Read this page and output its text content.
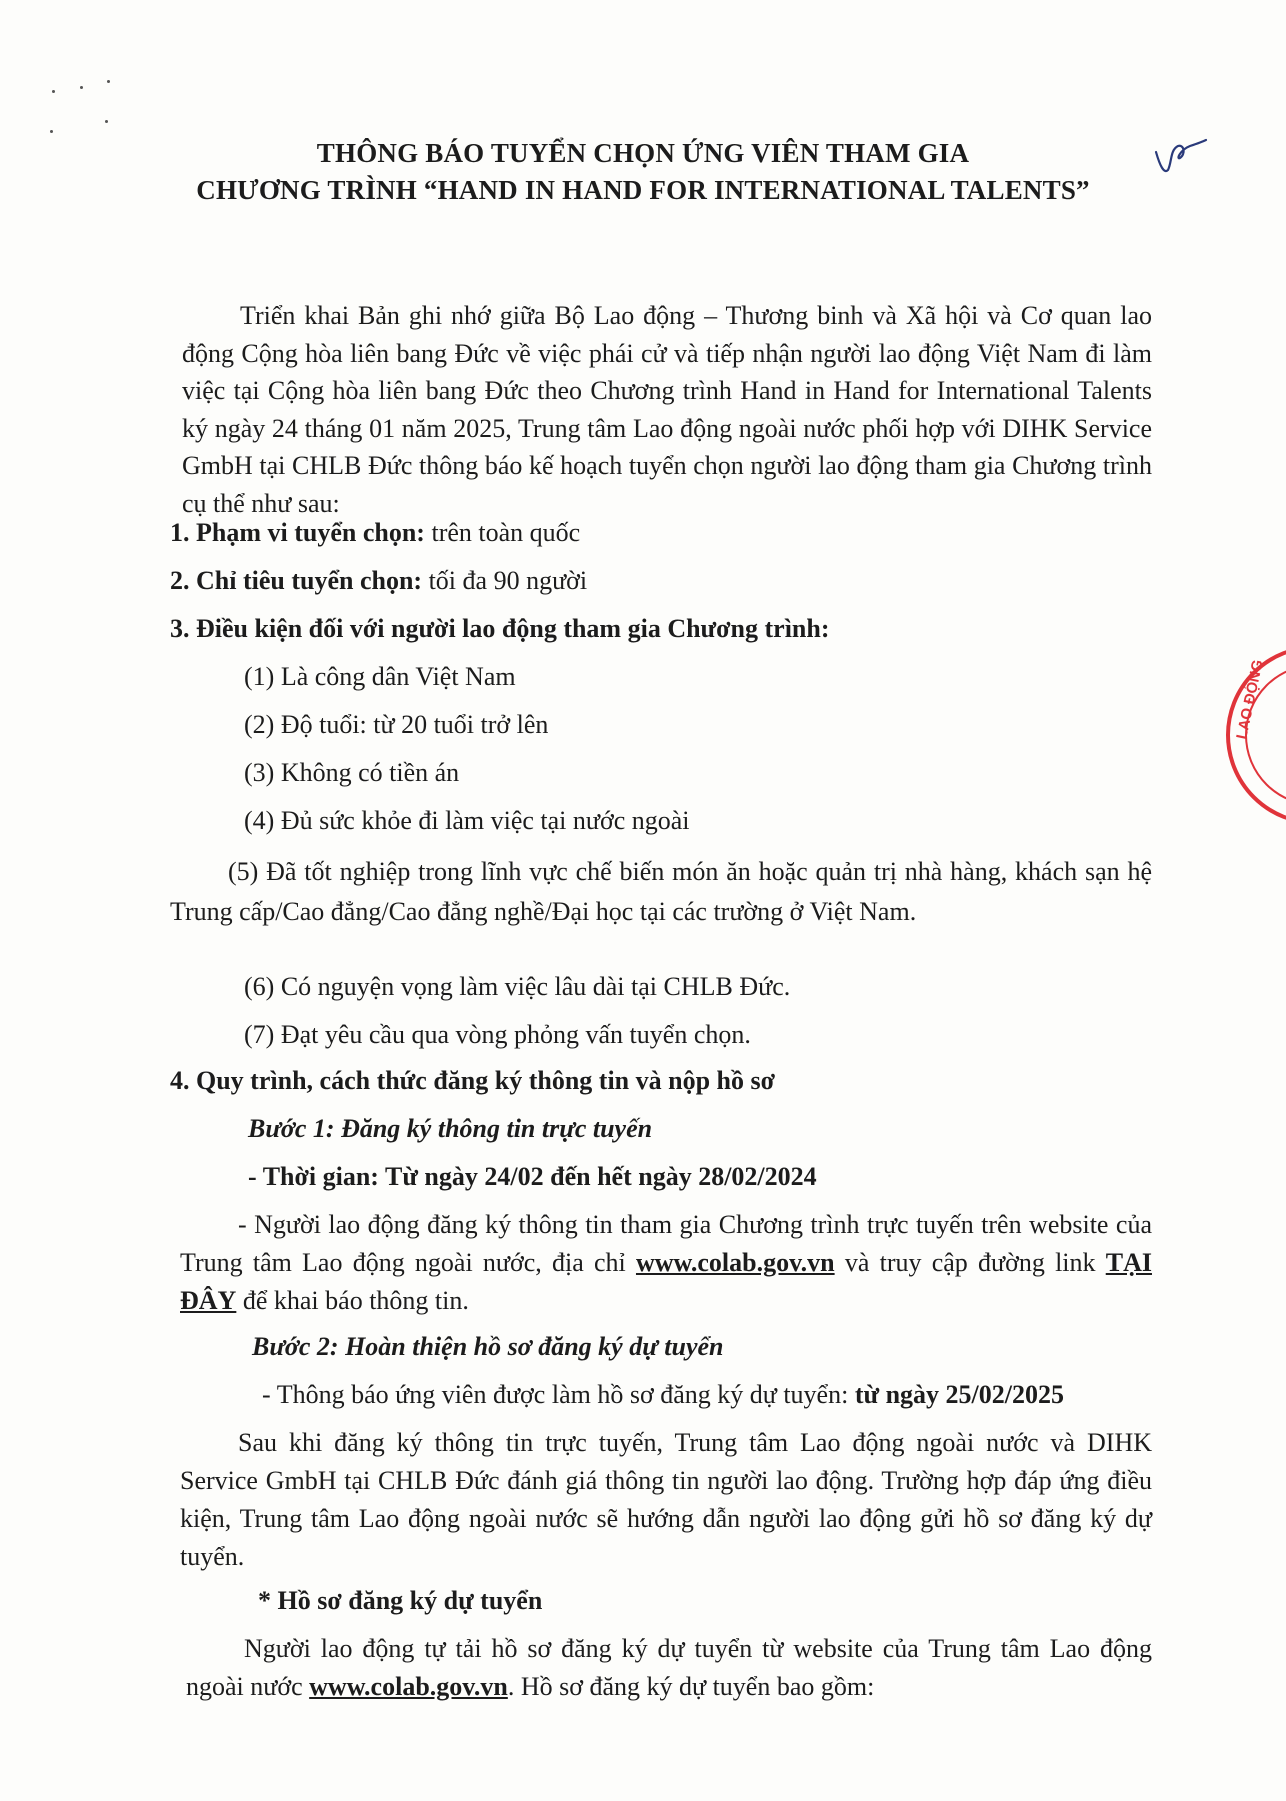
THÔNG BÁO TUYỂN CHỌN ỨNG VIÊN THAM GIA
CHƯƠNG TRÌNH “HAND IN HAND FOR INTERNATIONAL TALENTS”
Triển khai Bản ghi nhớ giữa Bộ Lao động – Thương binh và Xã hội và Cơ quan lao động Cộng hòa liên bang Đức về việc phái cử và tiếp nhận người lao động Việt Nam đi làm việc tại Cộng hòa liên bang Đức theo Chương trình Hand in Hand for International Talents ký ngày 24 tháng 01 năm 2025, Trung tâm Lao động ngoài nước phối hợp với DIHK Service GmbH tại CHLB Đức thông báo kế hoạch tuyển chọn người lao động tham gia Chương trình cụ thể như sau:
1. Phạm vi tuyển chọn: trên toàn quốc
2. Chỉ tiêu tuyển chọn: tối đa 90 người
3. Điều kiện đối với người lao động tham gia Chương trình:
(1) Là công dân Việt Nam
(2) Độ tuổi: từ 20 tuổi trở lên
(3) Không có tiền án
(4) Đủ sức khỏe đi làm việc tại nước ngoài
(5) Đã tốt nghiệp trong lĩnh vực chế biến món ăn hoặc quản trị nhà hàng, khách sạn hệ Trung cấp/Cao đẳng/Cao đẳng nghề/Đại học tại các trường ở Việt Nam.
(6) Có nguyện vọng làm việc lâu dài tại CHLB Đức.
(7) Đạt yêu cầu qua vòng phỏng vấn tuyển chọn.
4. Quy trình, cách thức đăng ký thông tin và nộp hồ sơ
Bước 1: Đăng ký thông tin trực tuyến
- Thời gian: Từ ngày 24/02 đến hết ngày 28/02/2024
- Người lao động đăng ký thông tin tham gia Chương trình trực tuyến trên website của Trung tâm Lao động ngoài nước, địa chỉ www.colab.gov.vn và truy cập đường link TẠI ĐÂY để khai báo thông tin.
Bước 2: Hoàn thiện hồ sơ đăng ký dự tuyển
- Thông báo ứng viên được làm hồ sơ đăng ký dự tuyển: từ ngày 25/02/2025
Sau khi đăng ký thông tin trực tuyến, Trung tâm Lao động ngoài nước và DIHK Service GmbH tại CHLB Đức đánh giá thông tin người lao động. Trường hợp đáp ứng điều kiện, Trung tâm Lao động ngoài nước sẽ hướng dẫn người lao động gửi hồ sơ đăng ký dự tuyển.
* Hồ sơ đăng ký dự tuyển
Người lao động tự tải hồ sơ đăng ký dự tuyển từ website của Trung tâm Lao động ngoài nước www.colab.gov.vn. Hồ sơ đăng ký dự tuyển bao gồm:
LAO ĐỘNG
